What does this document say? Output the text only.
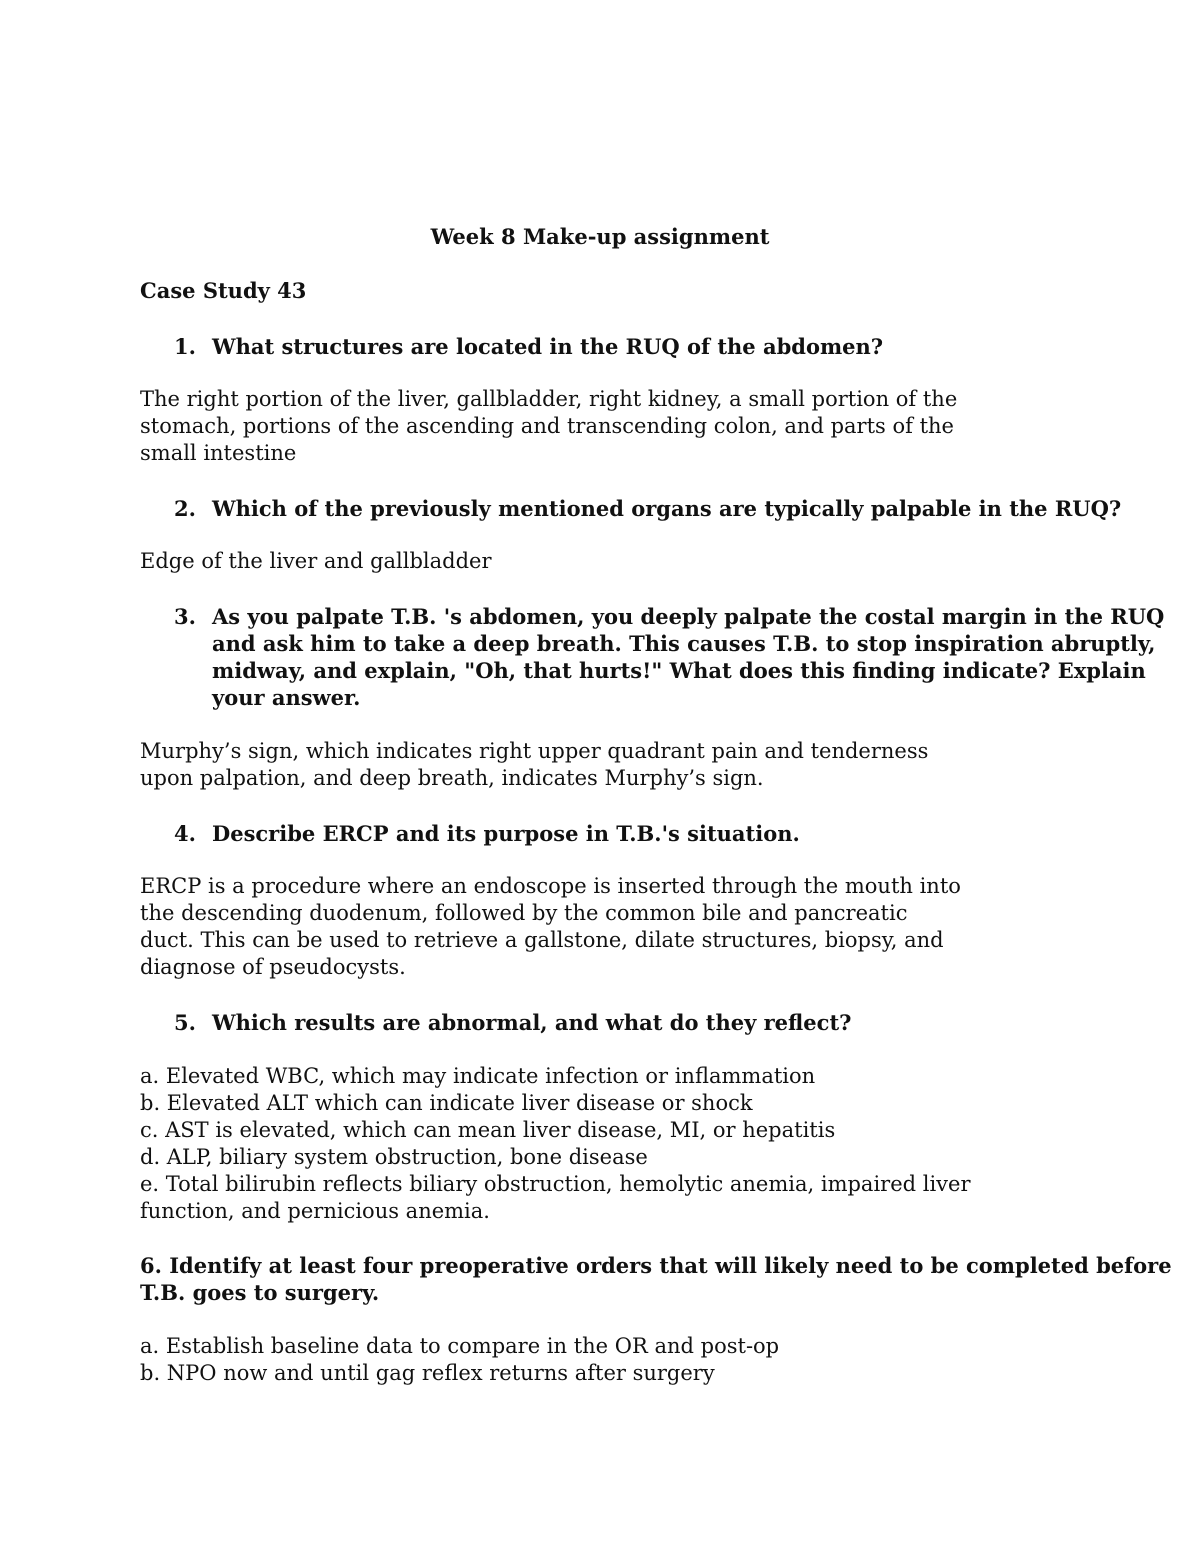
Week 8 Make-up assignment

Case Study 43

1. What structures are located in the RUQ of the abdomen?

The right portion of the liver, gallbladder, right kidney, a small portion of the

stomach, portions of the ascending and transcending colon, and parts of the

small intestine

2. Which of the previously mentioned organs are typically palpable in the RUQ?

Edge of the liver and gallbladder

3. As you palpate T.B. 's abdomen, you deeply palpate the costal margin in the RUQ
and ask him to take a deep breath. This causes T.B. to stop inspiration abruptly,
midway, and explain, "Oh, that hurts!" What does this finding indicate? Explain
your answer.

Murphy’s sign, which indicates right upper quadrant pain and tenderness

upon palpation, and deep breath, indicates Murphy’s sign.

4. Describe ERCP and its purpose in T.B.'s situation.

ERCP is a procedure where an endoscope is inserted through the mouth into

the descending duodenum, followed by the common bile and pancreatic

duct. This can be used to retrieve a gallstone, dilate structures, biopsy, and

diagnose of pseudocysts.

5. Which results are abnormal, and what do they reflect?

a. Elevated WBC, which may indicate infection or inflammation

b. Elevated ALT which can indicate liver disease or shock

c. AST is elevated, which can mean liver disease, MI, or hepatitis

d. ALP, biliary system obstruction, bone disease

e. Total bilirubin reflects biliary obstruction, hemolytic anemia, impaired liver

function, and pernicious anemia.

6. Identify at least four preoperative orders that will likely need to be completed before

T.B. goes to surgery.

a. Establish baseline data to compare in the OR and post-op

b. NPO now and until gag reflex returns after surgery
